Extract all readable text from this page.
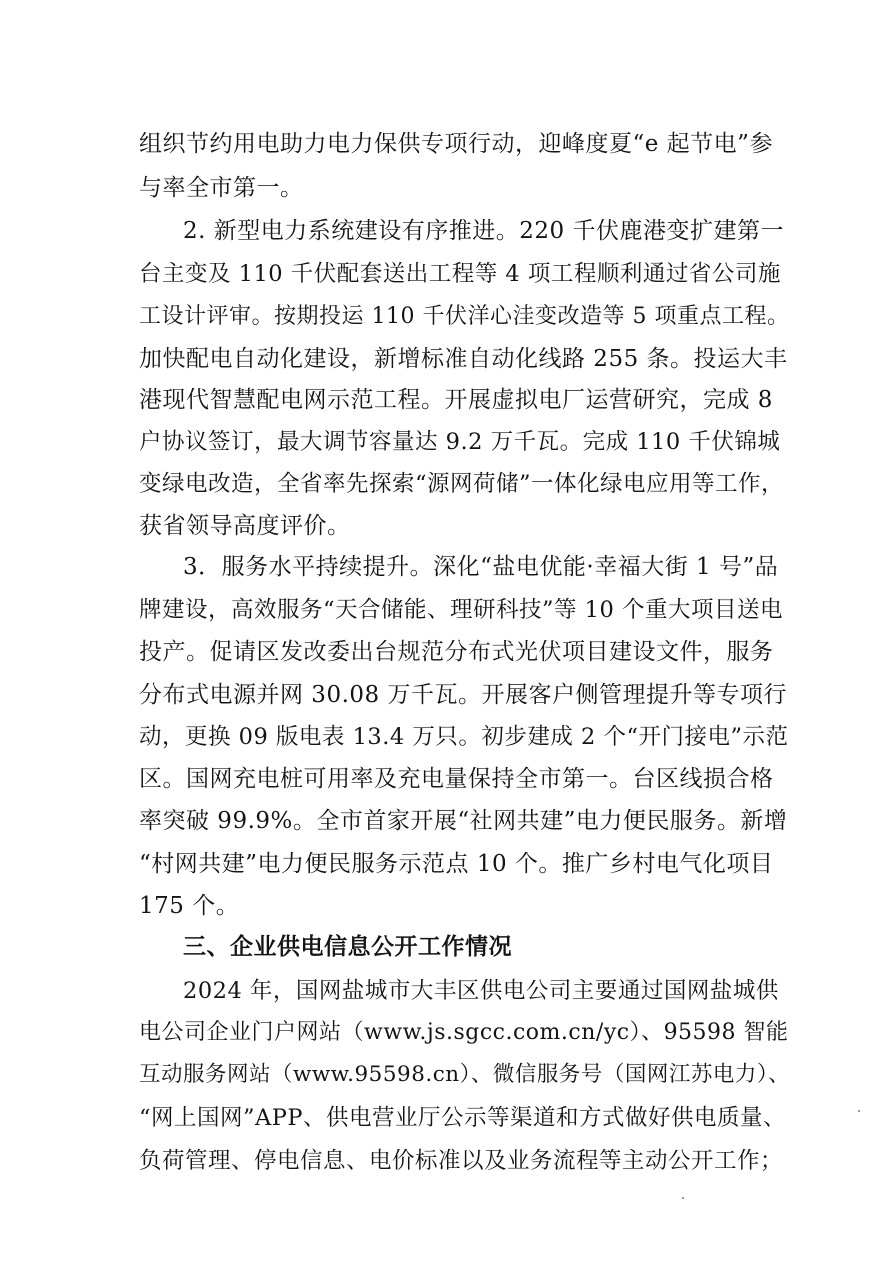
组织节约用电助力电力保供专项行动，迎峰度夏“e 起节电”参
与率全市第一。
2. 新型电力系统建设有序推进。220 千伏鹿港变扩建第一
台主变及 110 千伏配套送出工程等 4 项工程顺利通过省公司施
工设计评审。按期投运 110 千伏洋心洼变改造等 5 项重点工程。
加快配电自动化建设，新增标准自动化线路 255 条。投运大丰
港现代智慧配电网示范工程。开展虚拟电厂运营研究，完成 8
户协议签订，最大调节容量达 9.2 万千瓦。完成 110 千伏锦城
变绿电改造，全省率先探索“源网荷储”一体化绿电应用等工作，
获省领导高度评价。
3．服务水平持续提升。深化“盐电优能·幸福大街 1 号”品
牌建设，高效服务“天合储能、理研科技”等 10 个重大项目送电
投产。促请区发改委出台规范分布式光伏项目建设文件，服务
分布式电源并网 30.08 万千瓦。开展客户侧管理提升等专项行
动，更换 09 版电表 13.4 万只。初步建成 2 个“开门接电”示范
区。国网充电桩可用率及充电量保持全市第一。台区线损合格
率突破 99.9%。全市首家开展“社网共建”电力便民服务。新增
“村网共建”电力便民服务示范点 10 个。推广乡村电气化项目
175 个。
三、企业供电信息公开工作情况
2024 年，国网盐城市大丰区供电公司主要通过国网盐城供
电公司企业门户网站（www.js.sgcc.com.cn/yc）、95598 智能
互动服务网站（www.95598.cn）、微信服务号（国网江苏电力）、
“网上国网”APP、供电营业厅公示等渠道和方式做好供电质量、
负荷管理、停电信息、电价标准以及业务流程等主动公开工作；
